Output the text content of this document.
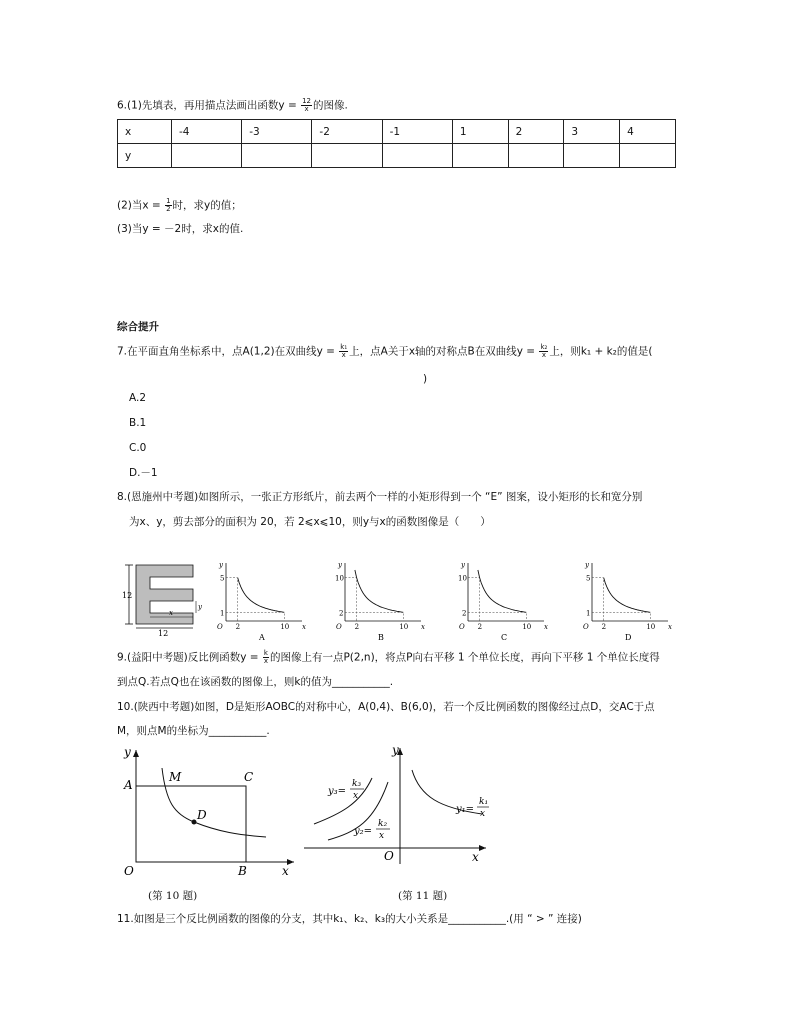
6.(1)先填表，再用描点法画出函数$y = \frac{12}{x}$ 的图像.
x	-4	-3	-2	-1	1	2	3	4
y								
(2)当$x = \frac{1}{2}$ 时，求y的值；
(3)当y = －2时，求x的值.
综合提升
7.在平面直角坐标系中，点A(1,2)在双曲线$y = \frac{\text{k₁}}{x}$ 上，点A关于x轴的对称点B在双曲线$y = \frac{\text{k₂}}{x}$ 上，则k₁ + k₂的值是(
)
A.2
B.1
C.0
D.－1
8.(恩施州中考题)如图所示，一张正方形纸片，前去两个一样的小矩形得到一个 “E” 图案，设小矩形的长和宽分别
为x、y，剪去部分的面积为 20，若 2⩽x⩽10，则y与x的函数图像是（　　）
12
12
x
y
x
y
O 2	10
5
1
A
x
y
O 2	10
10
2
B
x
y
O 2	10
10
2
C
x
y
O 2	10
5
1
D
9.(益阳中考题)反比例函数$y = \frac{k}{x}$ 的图像上有一点P(2,n)，将点P向右平移 1 个单位长度，再向下平移 1 个单位长度得
到点Q.若点Q也在该函数的图像上，则k的值为___________.
10.(陕西中考题)如图，D是矩形AOBC的对称中心，A(0,4)、B(6,0)，若一个反比例函数的图像经过点D，交AC于点
M，则点M的坐标为___________.
y
A
M	C
D
O	B	x
(第 10 题)
y
y₃=
k₃
x
y₂=
k₂
x
y₁=
k₁
x
O	x
(第 11 题)
11.如图是三个反比例函数的图像的分支，其中k₁、k₂、k₃的大小关系是___________.(用 “ > ” 连接)
